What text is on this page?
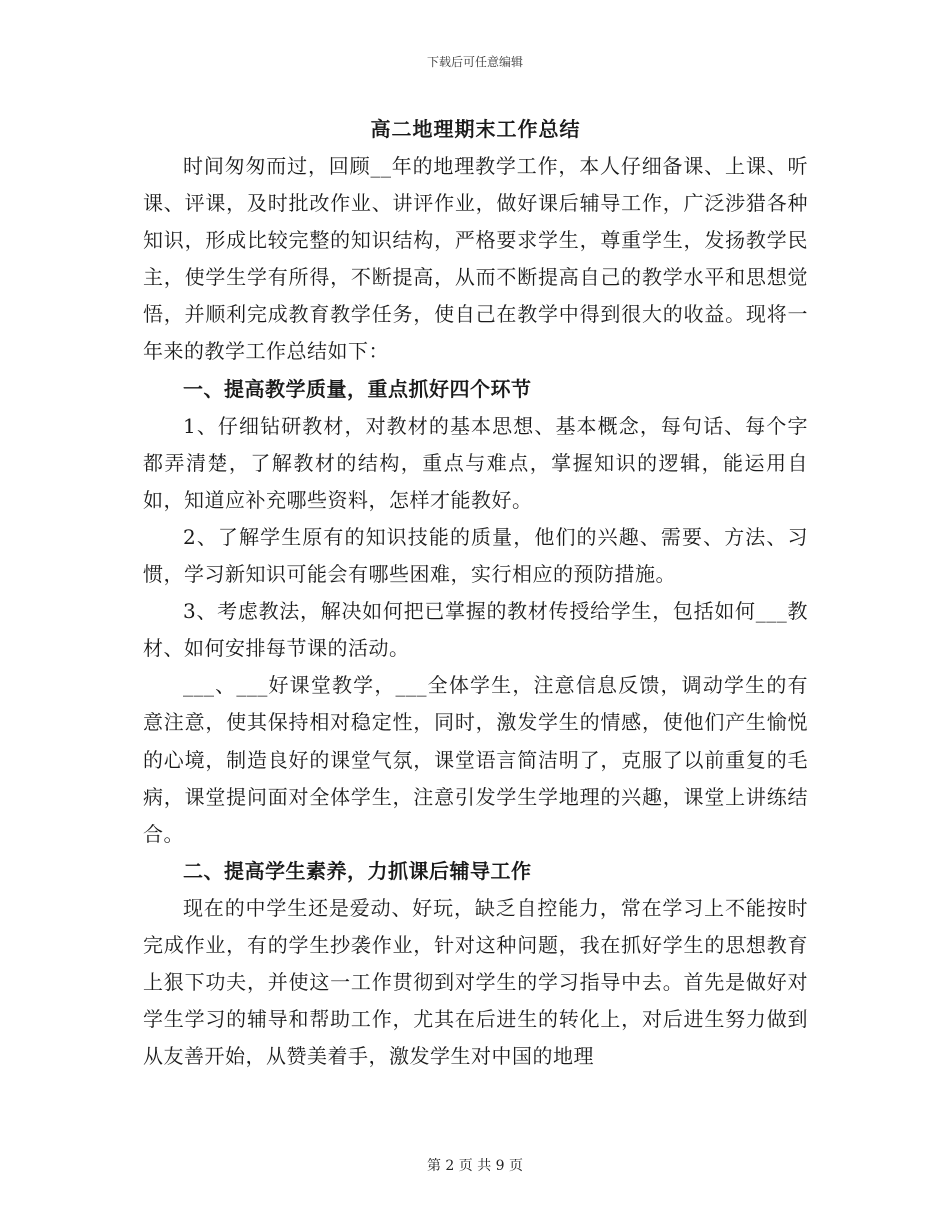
下载后可任意编辑
高二地理期末工作总结

时间匆匆而过，回顾__年的地理教学工作，本人仔细备课、上课、听课、评课，及时批改作业、讲评作业，做好课后辅导工作，广泛涉猎各种知识，形成比较完整的知识结构，严格要求学生，尊重学生，发扬教学民主，使学生学有所得，不断提高，从而不断提高自己的教学水平和思想觉悟，并顺利完成教育教学任务，使自己在教学中得到很大的收益。现将一年来的教学工作总结如下：

一、提高教学质量，重点抓好四个环节

1、仔细钻研教材，对教材的基本思想、基本概念，每句话、每个字都弄清楚，了解教材的结构，重点与难点，掌握知识的逻辑，能运用自如，知道应补充哪些资料，怎样才能教好。

2、了解学生原有的知识技能的质量，他们的兴趣、需要、方法、习惯，学习新知识可能会有哪些困难，实行相应的预防措施。

3、考虑教法，解决如何把已掌握的教材传授给学生，包括如何___教材、如何安排每节课的活动。

___、___好课堂教学，___全体学生，注意信息反馈，调动学生的有意注意，使其保持相对稳定性，同时，激发学生的情感，使他们产生愉悦的心境，制造良好的课堂气氛，课堂语言简洁明了，克服了以前重复的毛病，课堂提问面对全体学生，注意引发学生学地理的兴趣，课堂上讲练结合。

二、提高学生素养，力抓课后辅导工作

现在的中学生还是爱动、好玩，缺乏自控能力，常在学习上不能按时完成作业，有的学生抄袭作业，针对这种问题，我在抓好学生的思想教育上狠下功夫，并使这一工作贯彻到对学生的学习指导中去。首先是做好对学生学习的辅导和帮助工作，尤其在后进生的转化上，对后进生努力做到从友善开始，从赞美着手，激发学生对中国的地理

第 2 页 共 9 页
